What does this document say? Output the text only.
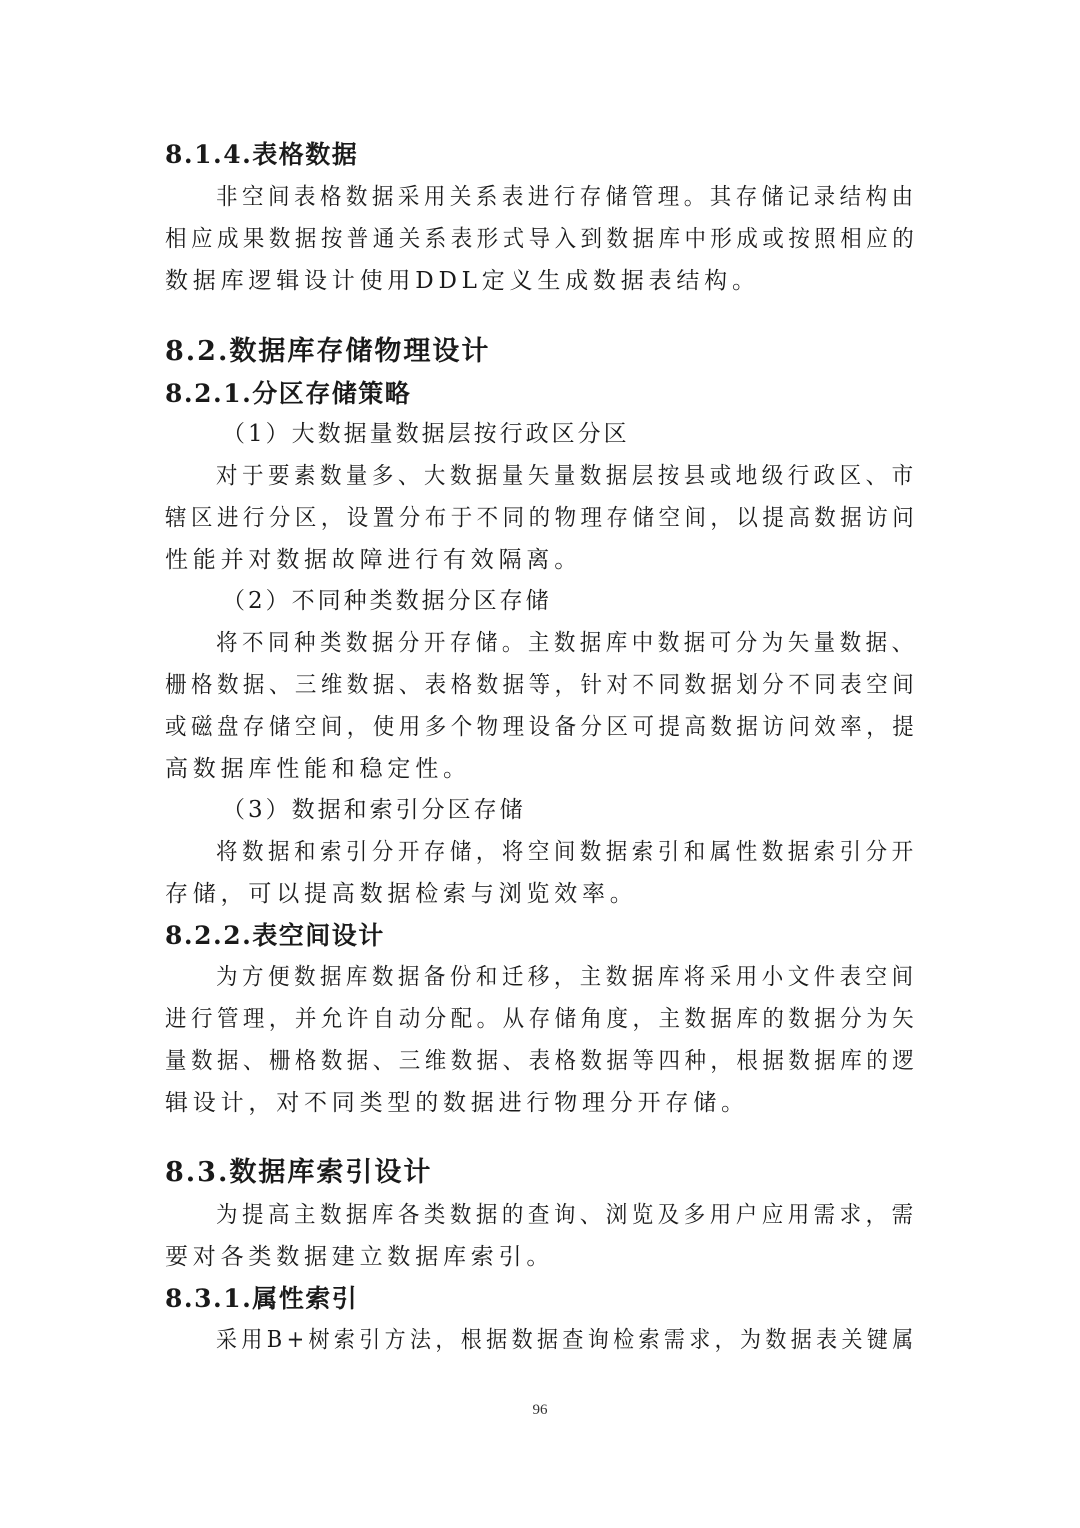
8.1.4.表格数据
非空间表格数据采用关系表进行存储管理。其存储记录结构由
相应成果数据按普通关系表形式导入到数据库中形成或按照相应的
数据库逻辑设计使用DDL定义生成数据表结构。
8.2.数据库存储物理设计
8.2.1.分区存储策略
（1）大数据量数据层按行政区分区
对于要素数量多、大数据量矢量数据层按县或地级行政区、市
辖区进行分区，设置分布于不同的物理存储空间，以提高数据访问
性能并对数据故障进行有效隔离。
（2）不同种类数据分区存储
将不同种类数据分开存储。主数据库中数据可分为矢量数据、
栅格数据、三维数据、表格数据等，针对不同数据划分不同表空间
或磁盘存储空间，使用多个物理设备分区可提高数据访问效率，提
高数据库性能和稳定性。
（3）数据和索引分区存储
将数据和索引分开存储，将空间数据索引和属性数据索引分开
存储，可以提高数据检索与浏览效率。
8.2.2.表空间设计
为方便数据库数据备份和迁移，主数据库将采用小文件表空间
进行管理，并允许自动分配。从存储角度，主数据库的数据分为矢
量数据、栅格数据、三维数据、表格数据等四种，根据数据库的逻
辑设计，对不同类型的数据进行物理分开存储。
8.3.数据库索引设计
为提高主数据库各类数据的查询、浏览及多用户应用需求，需
要对各类数据建立数据库索引。
8.3.1.属性索引
采用B+树索引方法，根据数据查询检索需求，为数据表关键属
96
